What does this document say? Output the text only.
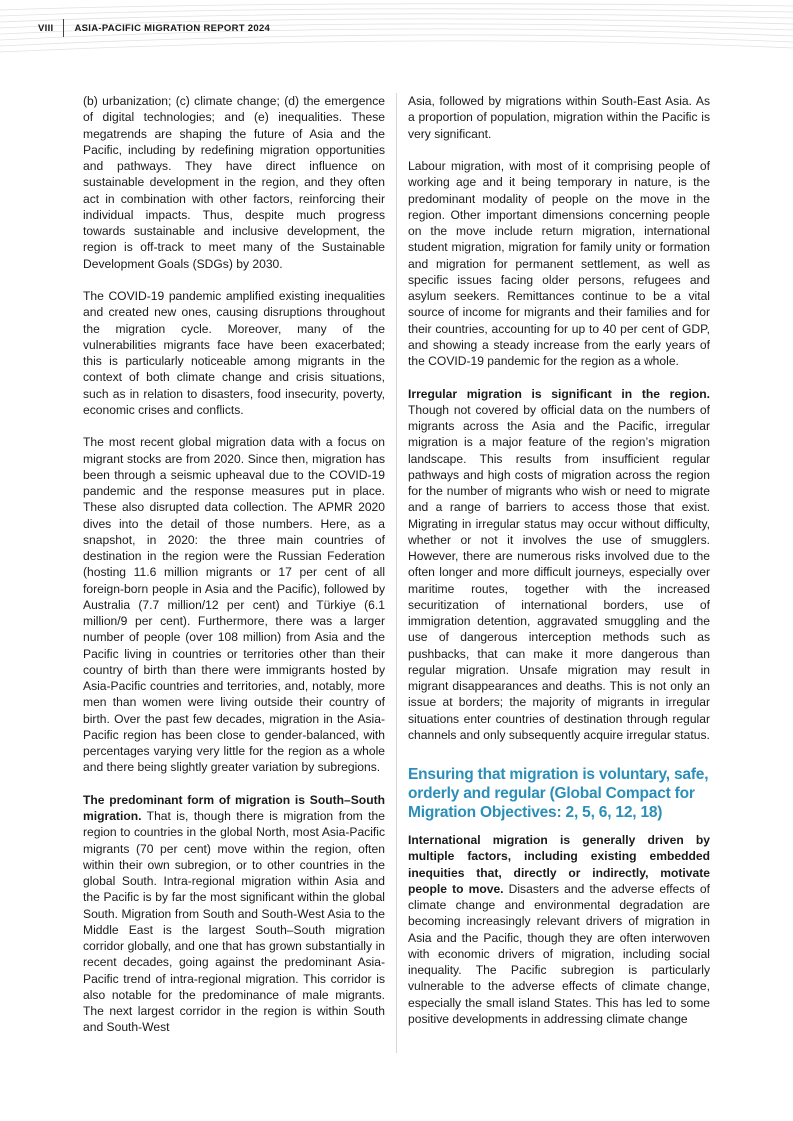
VIII	ASIA-PACIFIC MIGRATION REPORT 2024

(b) urbanization; (c) climate change; (d) the emergence of digital technologies; and (e) inequalities. These megatrends are shaping the future of Asia and the Pacific, including by redefining migration opportunities and pathways. They have direct influence on sustainable development in the region, and they often act in combination with other factors, reinforcing their individual impacts. Thus, despite much progress towards sustainable and inclusive development, the region is off-track to meet many of the Sustainable Development Goals (SDGs) by 2030.

The COVID-19 pandemic amplified existing inequalities and created new ones, causing disruptions throughout the migration cycle. Moreover, many of the vulnerabilities migrants face have been exacerbated; this is particularly noticeable among migrants in the context of both climate change and crisis situations, such as in relation to disasters, food insecurity, poverty, economic crises and conflicts.

The most recent global migration data with a focus on migrant stocks are from 2020. Since then, migration has been through a seismic upheaval due to the COVID-19 pandemic and the response measures put in place. These also disrupted data collection. The APMR 2020 dives into the detail of those numbers. Here, as a snapshot, in 2020: the three main countries of destination in the region were the Russian Federation (hosting 11.6 million migrants or 17 per cent of all foreign-born people in Asia and the Pacific), followed by Australia (7.7 million/12 per cent) and Türkiye (6.1 million/9 per cent). Furthermore, there was a larger number of people (over 108 million) from Asia and the Pacific living in countries or territories other than their country of birth than there were immigrants hosted by Asia-Pacific countries and territories, and, notably, more men than women were living outside their country of birth. Over the past few decades, migration in the Asia-Pacific region has been close to gender-balanced, with percentages varying very little for the region as a whole and there being slightly greater variation by subregions.

The predominant form of migration is South–South migration. That is, though there is migration from the region to countries in the global North, most Asia-Pacific migrants (70 per cent) move within the region, often within their own subregion, or to other countries in the global South. Intra-regional migration within Asia and the Pacific is by far the most significant within the global South. Migration from South and South-West Asia to the Middle East is the largest South–South migration corridor globally, and one that has grown substantially in recent decades, going against the predominant Asia-Pacific trend of intra-regional migration. This corridor is also notable for the predominance of male migrants. The next largest corridor in the region is within South and South-West

Asia, followed by migrations within South-East Asia. As a proportion of population, migration within the Pacific is very significant.

Labour migration, with most of it comprising people of working age and it being temporary in nature, is the predominant modality of people on the move in the region. Other important dimensions concerning people on the move include return migration, international student migration, migration for family unity or formation and migration for permanent settlement, as well as specific issues facing older persons, refugees and asylum seekers. Remittances continue to be a vital source of income for migrants and their families and for their countries, accounting for up to 40 per cent of GDP, and showing a steady increase from the early years of the COVID-19 pandemic for the region as a whole.

Irregular migration is significant in the region. Though not covered by official data on the numbers of migrants across the Asia and the Pacific, irregular migration is a major feature of the region’s migration landscape. This results from insufficient regular pathways and high costs of migration across the region for the number of migrants who wish or need to migrate and a range of barriers to access those that exist. Migrating in irregular status may occur without difficulty, whether or not it involves the use of smugglers. However, there are numerous risks involved due to the often longer and more difficult journeys, especially over maritime routes, together with the increased securitization of international borders, use of immigration detention, aggravated smuggling and the use of dangerous interception methods such as pushbacks, that can make it more dangerous than regular migration. Unsafe migration may result in migrant disappearances and deaths. This is not only an issue at borders; the majority of migrants in irregular situations enter countries of destination through regular channels and only subsequently acquire irregular status.

Ensuring that migration is voluntary, safe, orderly and regular (Global Compact for Migration Objectives: 2, 5, 6, 12, 18)

International migration is generally driven by multiple factors, including existing embedded inequities that, directly or indirectly, motivate people to move. Disasters and the adverse effects of climate change and environmental degradation are becoming increasingly relevant drivers of migration in Asia and the Pacific, though they are often interwoven with economic drivers of migration, including social inequality. The Pacific subregion is particularly vulnerable to the adverse effects of climate change, especially the small island States. This has led to some positive developments in addressing climate change
